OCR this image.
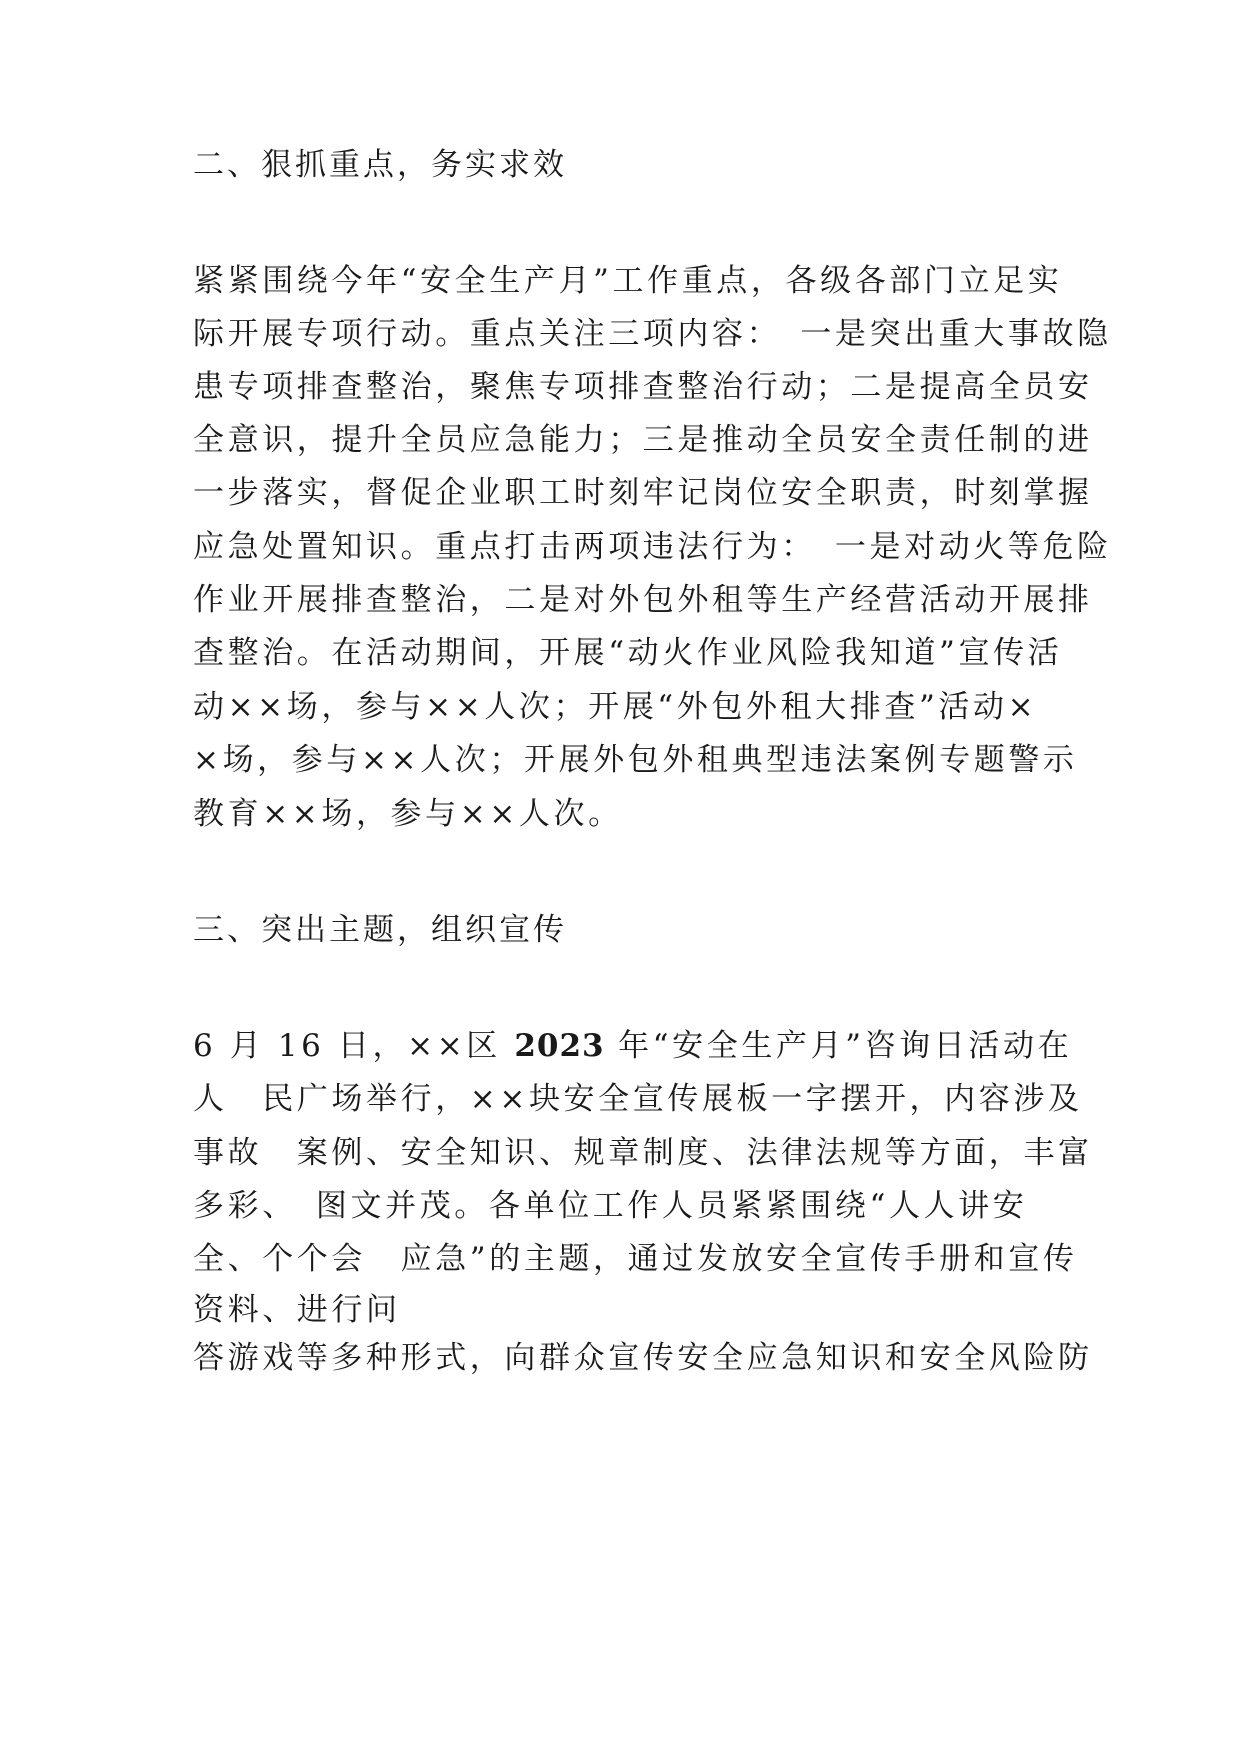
二、狠抓重点，务实求效
紧紧围绕今年“安全生产月”工作重点，各级各部门立足实
际开展专项行动。重点关注三项内容：　一是突出重大事故隐
患专项排查整治，聚焦专项排查整治行动；二是提高全员安
全意识，提升全员应急能力；三是推动全员安全责任制的进
一步落实，督促企业职工时刻牢记岗位安全职责，时刻掌握
应急处置知识。重点打击两项违法行为：　一是对动火等危险
作业开展排查整治，二是对外包外租等生产经营活动开展排
查整治。在活动期间，开展“动火作业风险我知道”宣传活
动××场，参与××人次；开展“外包外租大排查”活动×
×场，参与××人次；开展外包外租典型违法案例专题警示
教育××场，参与××人次。
三、突出主题，组织宣传
6 月 16 日，××区 2023 年“安全生产月”咨询日活动在
人　民广场举行，××块安全宣传展板一字摆开，内容涉及
事故　案例、安全知识、规章制度、法律法规等方面，丰富
多彩、　图文并茂。各单位工作人员紧紧围绕“人人讲安
全、个个会　应急”的主题，通过发放安全宣传手册和宣传
资料、进行问
答游戏等多种形式，向群众宣传安全应急知识和安全风险防
